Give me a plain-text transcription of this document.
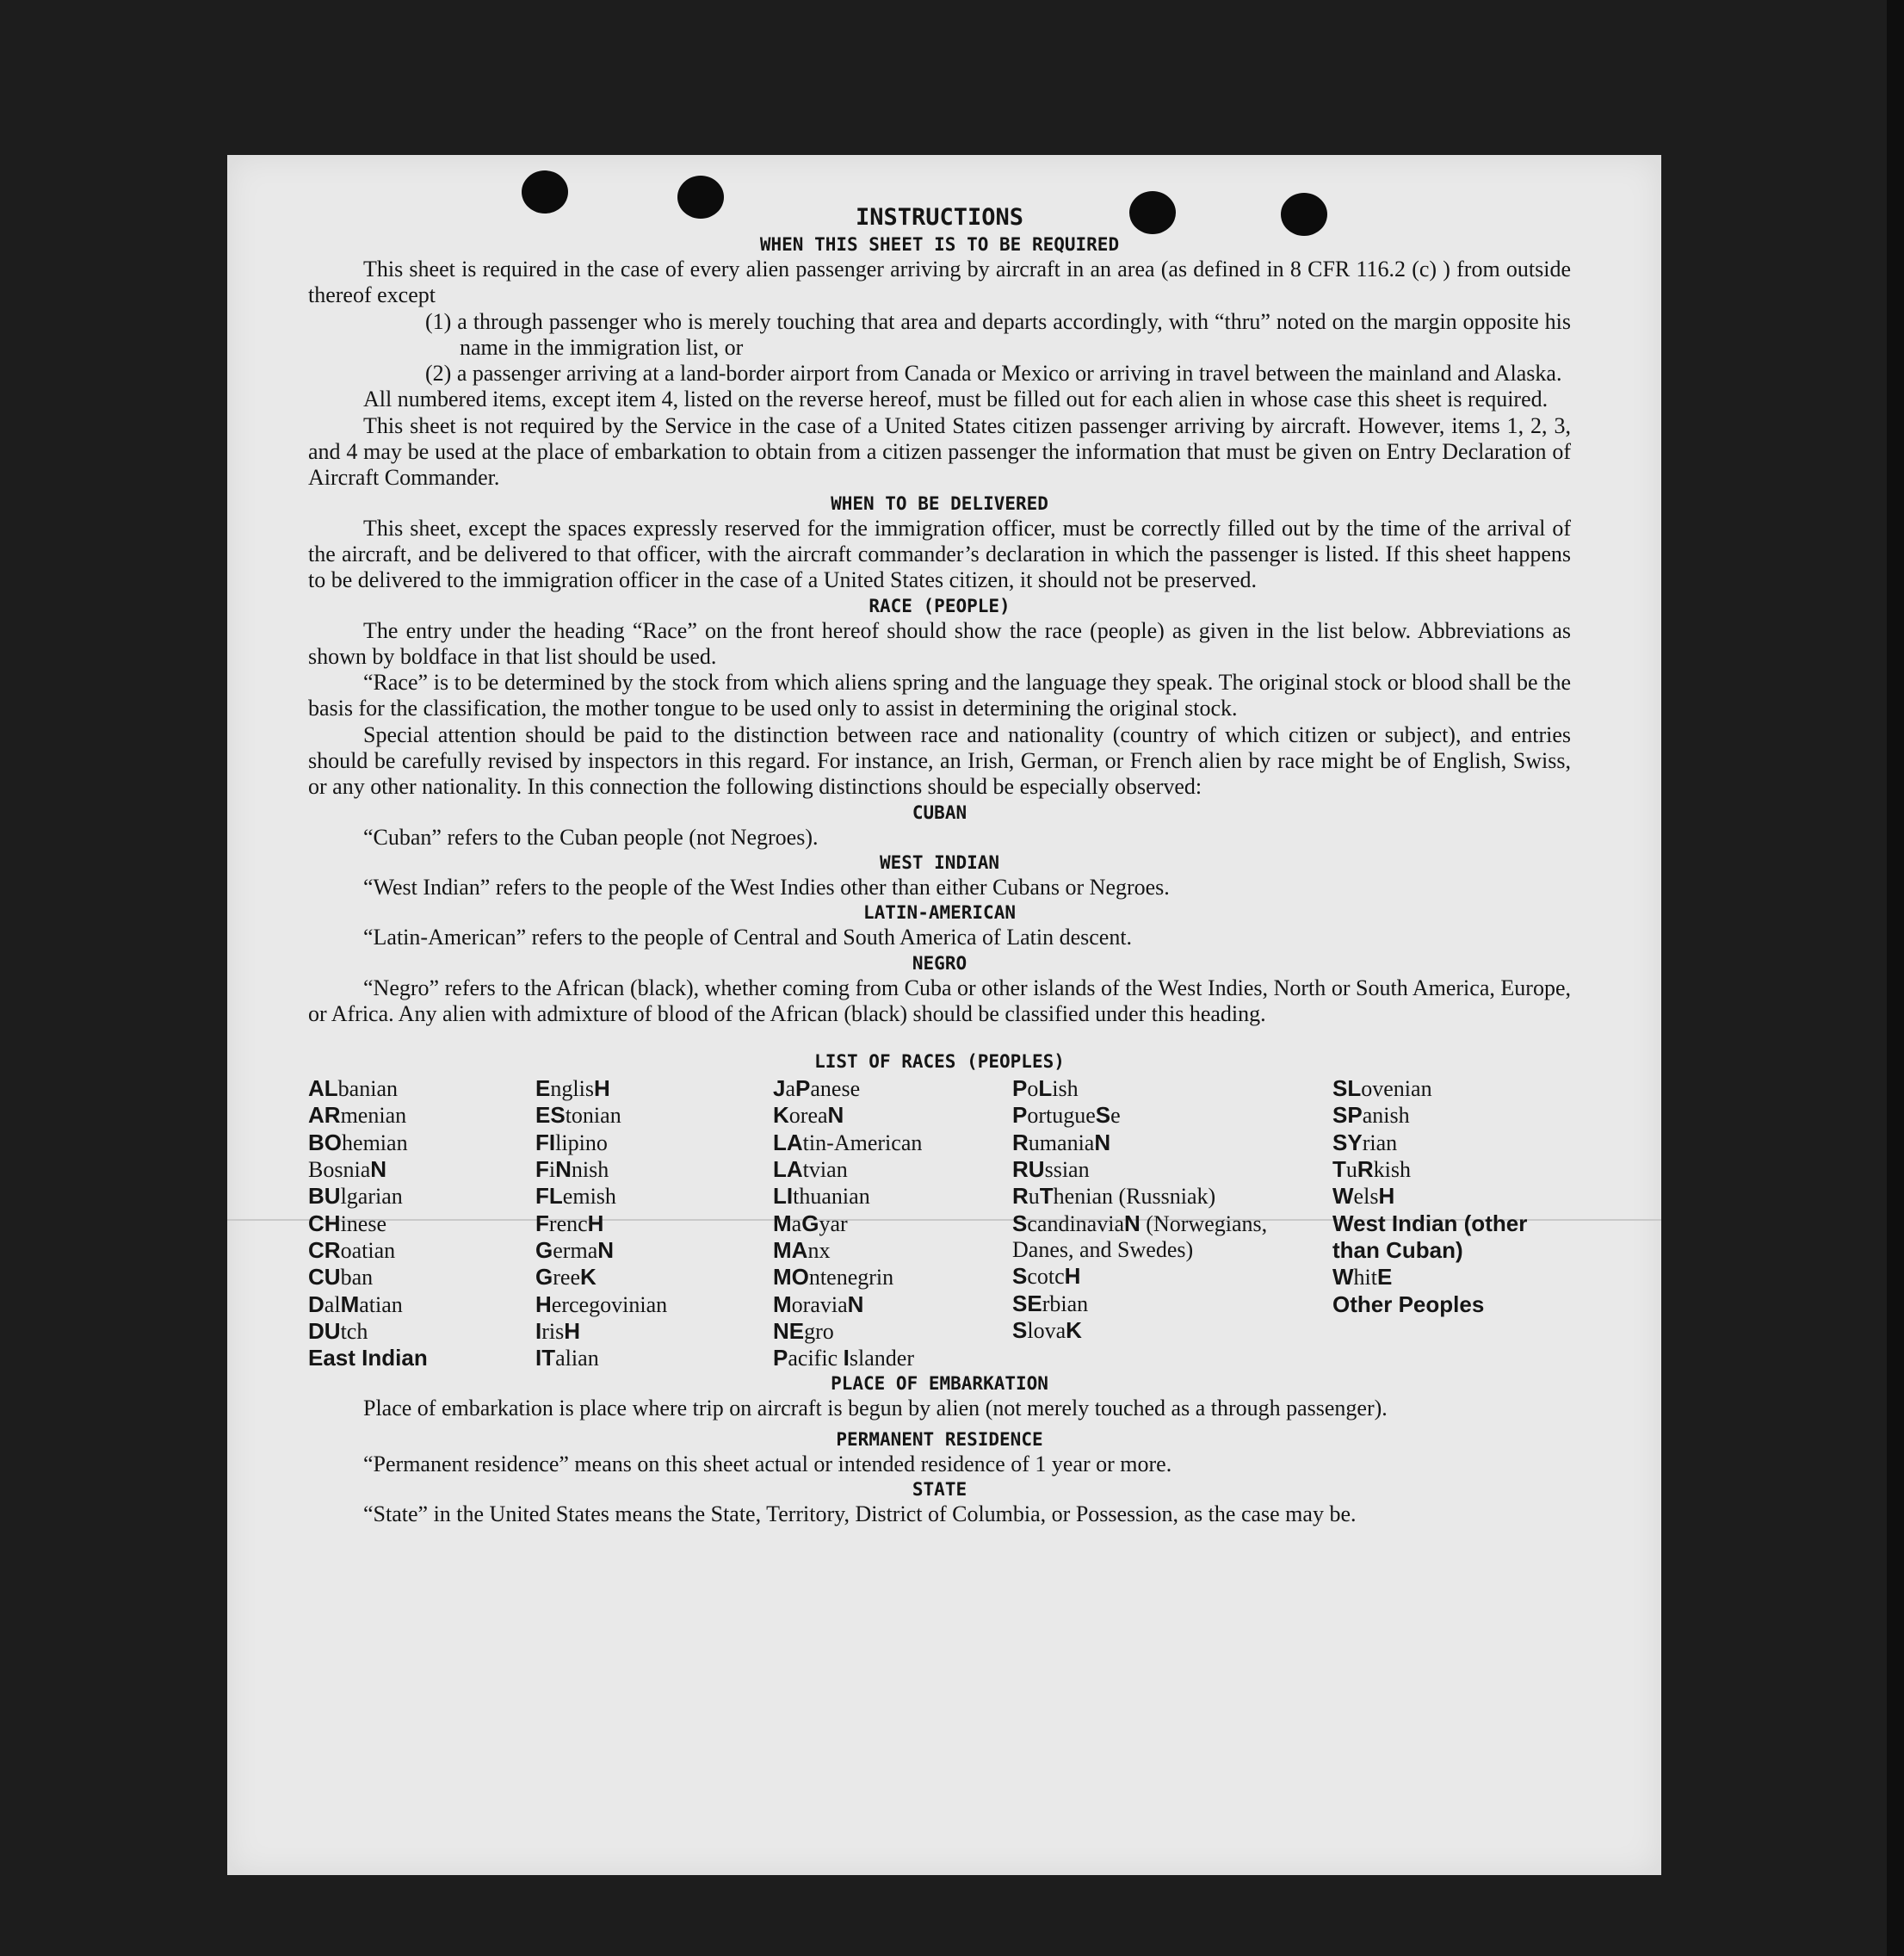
INSTRUCTIONS
WHEN THIS SHEET IS TO BE REQUIRED

This sheet is required in the case of every alien passenger arriving by aircraft in an area (as defined in 8 CFR 116.2 (c) ) from outside thereof except

(1) a through passenger who is merely touching that area and departs accordingly, with “thru” noted on the margin opposite his name in the immigration list, or

(2) a passenger arriving at a land-border airport from Canada or Mexico or arriving in travel between the mainland and Alaska.

All numbered items, except item 4, listed on the reverse hereof, must be filled out for each alien in whose case this sheet is required.

This sheet is not required by the Service in the case of a United States citizen passenger arriving by aircraft. However, items 1, 2, 3, and 4 may be used at the place of embarkation to obtain from a citizen passenger the information that must be given on Entry Declaration of Aircraft Commander.

WHEN TO BE DELIVERED

This sheet, except the spaces expressly reserved for the immigration officer, must be correctly filled out by the time of the arrival of the aircraft, and be delivered to that officer, with the aircraft commander’s declaration in which the passenger is listed. If this sheet happens to be delivered to the immigration officer in the case of a United States citizen, it should not be preserved.

RACE (PEOPLE)

The entry under the heading “Race” on the front hereof should show the race (people) as given in the list below. Abbreviations as shown by boldface in that list should be used.

“Race” is to be determined by the stock from which aliens spring and the language they speak. The original stock or blood shall be the basis for the classification, the mother tongue to be used only to assist in determining the original stock.

Special attention should be paid to the distinction between race and nationality (country of which citizen or subject), and entries should be carefully revised by inspectors in this regard. For instance, an Irish, German, or French alien by race might be of English, Swiss, or any other nationality. In this connection the following distinctions should be especially observed:

CUBAN

“Cuban” refers to the Cuban people (not Negroes).

WEST INDIAN

“West Indian” refers to the people of the West Indies other than either Cubans or Negroes.

LATIN-AMERICAN

“Latin-American” refers to the people of Central and South America of Latin descent.

NEGRO

“Negro” refers to the African (black), whether coming from Cuba or other islands of the West Indies, North or South America, Europe, or Africa. Any alien with admixture of blood of the African (black) should be classified under this heading.

LIST OF RACES (PEOPLES)
ALbanian
ARmenian
BOhemian
BosniaN
BUlgarian
CHinese
CRoatian
CUban
DalMatian
DUtch
East Indian
EnglisH
EStonian
FIlipino
FiNnish
FLemish
FrencH
GermaN
GreeK
Hercegovinian
IrisH
ITalian
JaPanese
KoreaN
LAtin-American
LAtvian
LIthuanian
MaGyar
MAnx
MOntenegrin
MoraviaN
NEgro
Pacific Islander
PoLish
PortugueSe
RumaniaN
RUssian
RuThenian (Russniak)
ScandinaviaN (Norwegians, Danes, and Swedes)
ScotcH
SErbian
SlovaK
SLovenian
SPanish
SYrian
TuRkish
WelsH
West Indian (other than Cuban)
WhitE
Other Peoples
PLACE OF EMBARKATION

Place of embarkation is place where trip on aircraft is begun by alien (not merely touched as a through passenger).

PERMANENT RESIDENCE

“Permanent residence” means on this sheet actual or intended residence of 1 year or more.

STATE

“State” in the United States means the State, Territory, District of Columbia, or Possession, as the case may be.
